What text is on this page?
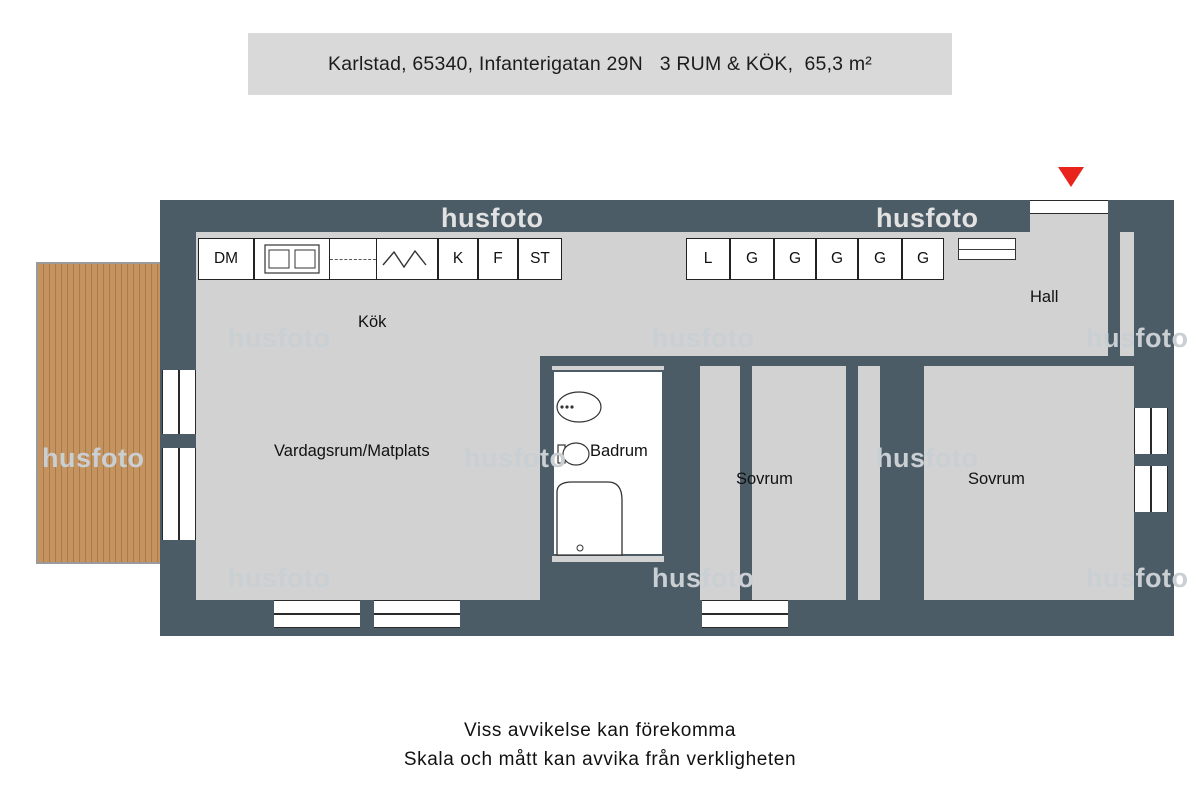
Karlstad, 65340, Infanterigatan 29N   3 RUM & KÖK,  65,3 m²
DM	K F ST	L G G G G G
husfoto	husfoto
husfoto	husfoto	husfoto
husfoto	husfoto	husfoto
husfoto	husfoto	husfoto
Kök
Vardagsrum/Matplats	Badrum
Sovrum	Sovrum
Hall
Viss avvikelse kan förekomma
Skala och mått kan avvika från verkligheten
